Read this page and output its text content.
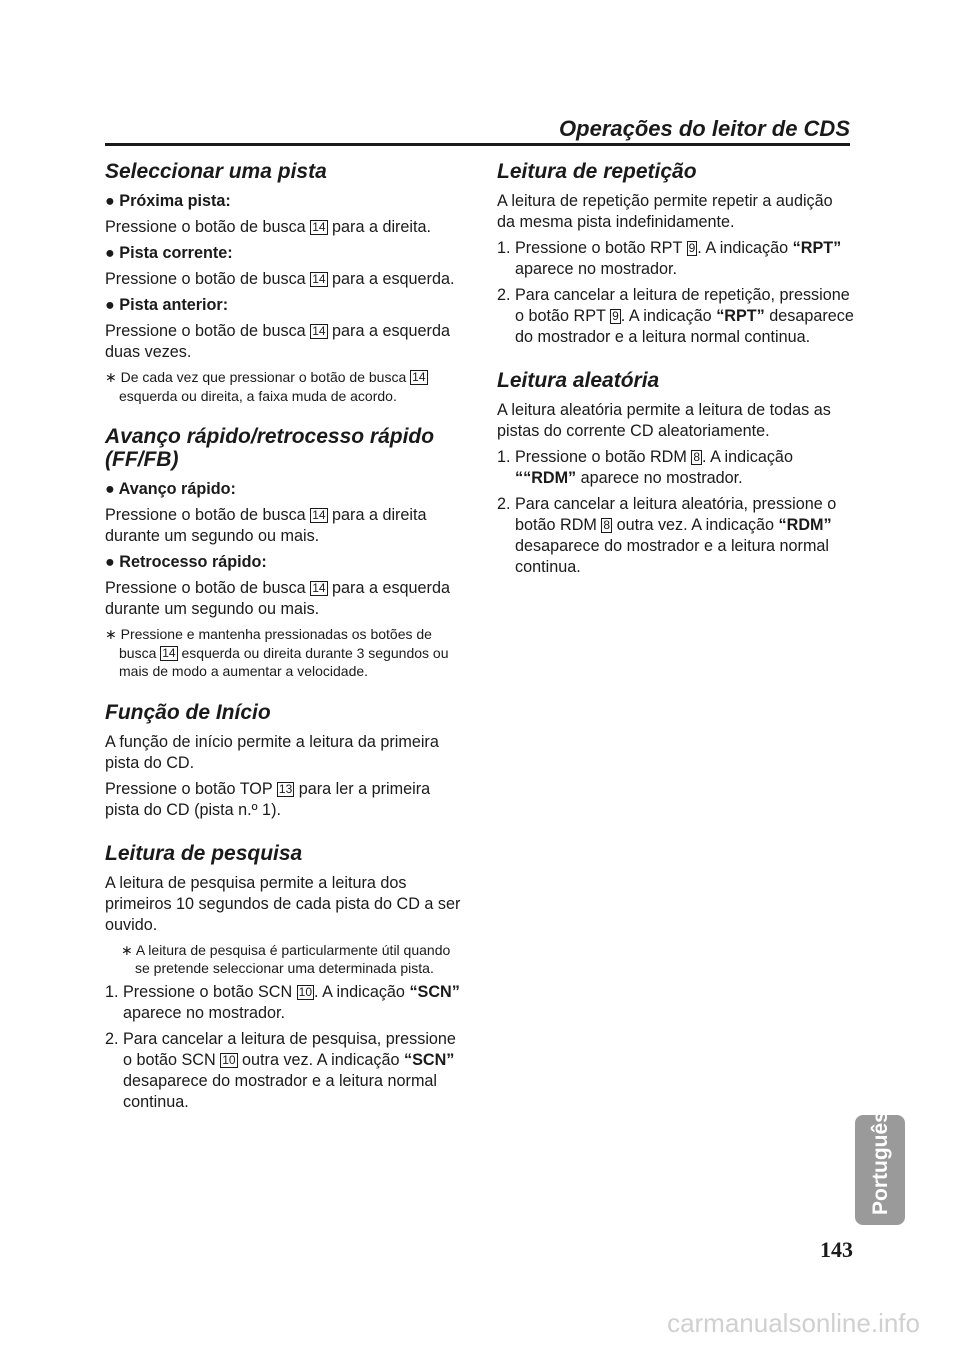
Operações do leitor de CDS
Seleccionar uma pista
● Próxima pista:
Pressione o botão de busca 14 para a direita.
● Pista corrente:
Pressione o botão de busca 14 para a esquerda.
● Pista anterior:
Pressione o botão de busca 14 para a esquerda duas vezes.
∗ De cada vez que pressionar o botão de busca 14 esquerda ou direita, a faixa muda de acordo.
Avanço rápido/retrocesso rápido (FF/FB)
● Avanço rápido:
Pressione o botão de busca 14 para a direita durante um segundo ou mais.
● Retrocesso rápido:
Pressione o botão de busca 14 para a esquerda durante um segundo ou mais.
∗ Pressione e mantenha pressionadas os botões de busca 14 esquerda ou direita durante 3 segundos ou mais de modo a aumentar a velocidade.
Função de Início
A função de início permite a leitura da primeira pista do CD.
Pressione o botão TOP 13 para ler a primeira pista do CD (pista n.º 1).
Leitura de pesquisa
A leitura de pesquisa permite a leitura dos primeiros 10 segundos de cada pista do CD a ser ouvido.
∗ A leitura de pesquisa é particularmente útil quando se pretende seleccionar uma determinada pista.
1. Pressione o botão SCN 10 . A indicação “SCN” aparece no mostrador.
2. Para cancelar a leitura de pesquisa, pressione o botão SCN 10 outra vez. A indicação “SCN” desaparece do mostrador e a leitura normal continua.
Leitura de repetição
A leitura de repetição permite repetir a audição da mesma pista indefinidamente.
1. Pressione o botão RPT 9 . A indicação “RPT” aparece no mostrador.
2. Para cancelar a leitura de repetição, pressione o botão RPT 9 . A indicação “RPT” desaparece do mostrador e a leitura normal continua.
Leitura aleatória
A leitura aleatória permite a leitura de todas as pistas do corrente CD aleatoriamente.
1. Pressione o botão RDM 8 . A indicação ““RDM” aparece no mostrador.
2. Para cancelar a leitura aleatória, pressione o botão RDM 8 outra vez. A indicação “RDM” desaparece do mostrador e a leitura normal continua.
Português
143
carmanualsonline.info
